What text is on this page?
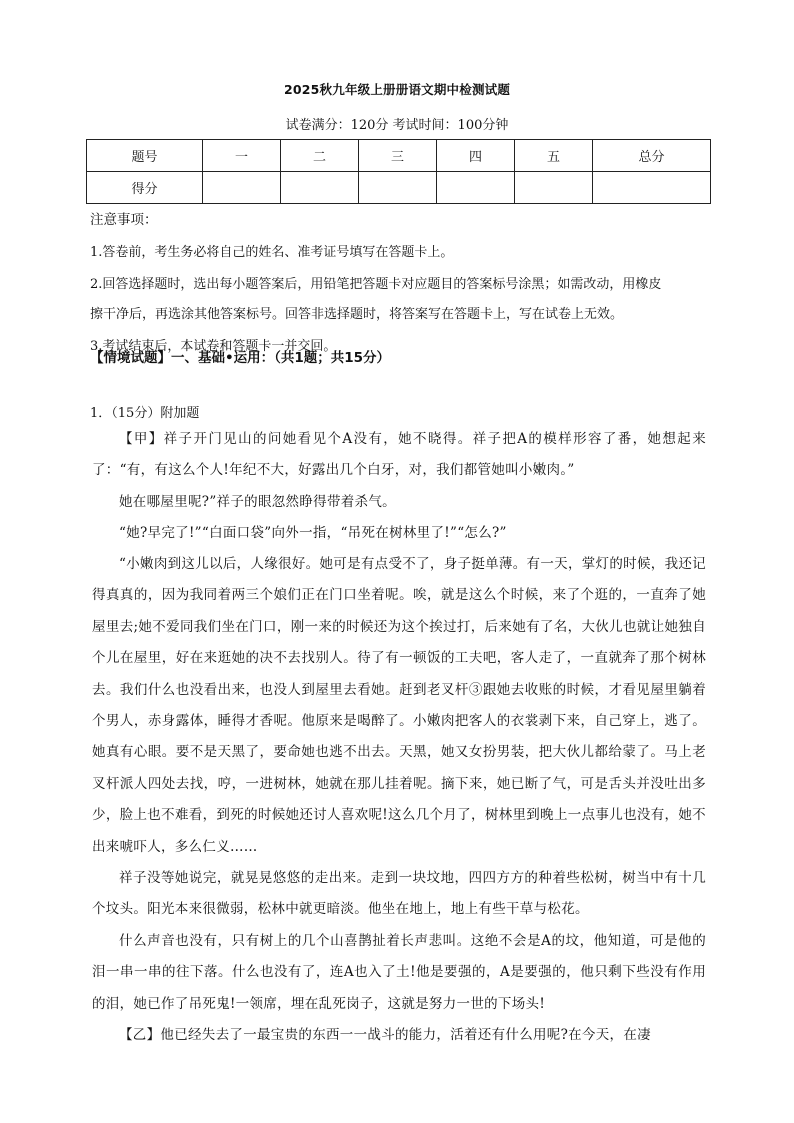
2025秋九年级上册册语文期中检测试题
试卷满分：120分 考试时间：100分钟
题号	一	二	三	四	五	总分
得分						
注意事项：
1.答卷前，考生务必将自己的姓名、准考证号填写在答题卡上。
2.回答选择题时，选出每小题答案后，用铅笔把答题卡对应题目的答案标号涂黑；如需改动，用橡皮
擦干净后，再选涂其他答案标号。回答非选择题时，将答案写在答题卡上，写在试卷上无效。
3.考试结束后，本试卷和答题卡一并交回。
【情境试题】一、基础•运用：（共1题；共15分）
1．（15分）附加题
【甲】祥子开门见山的问她看见个A没有，她不晓得。祥子把A的模样形容了番，她想起来了：“有，有这么个人!年纪不大，好露出几个白牙，对，我们都管她叫小嫩肉。”
她在哪屋里呢?”祥子的眼忽然睁得带着杀气。
“她?早完了!”“白面口袋”向外一指，“吊死在树林里了!”“怎么?”
“小嫩肉到这儿以后，人缘很好。她可是有点受不了，身子挺单薄。有一天，掌灯的时候，我还记得真真的，因为我同着两三个娘们正在门口坐着呢。唉，就是这么个时候，来了个逛的，一直奔了她屋里去;她不爱同我们坐在门口，刚一来的时候还为这个挨过打，后来她有了名，大伙儿也就让她独自个儿在屋里，好在来逛她的决不去找别人。待了有一顿饭的工夫吧，客人走了，一直就奔了那个树林去。我们什么也没看出来，也没人到屋里去看她。赶到老叉杆③跟她去收账的时候，才看见屋里躺着个男人，赤身露体，睡得才香呢。他原来是喝醉了。小嫩肉把客人的衣裳剥下来，自己穿上，逃了。她真有心眼。要不是天黑了，要命她也逃不出去。天黑，她又女扮男装，把大伙儿都给蒙了。马上老叉杆派人四处去找，哼，一进树林，她就在那儿挂着呢。摘下来，她已断了气，可是舌头并没吐出多少，脸上也不难看，到死的时候她还讨人喜欢呢!这么几个月了，树林里到晚上一点事儿也没有，她不出来唬吓人，多么仁义……
祥子没等她说完，就晃晃悠悠的走出来。走到一块坟地，四四方方的种着些松树，树当中有十几个坟头。阳光本来很微弱，松林中就更暗淡。他坐在地上，地上有些干草与松花。
什么声音也没有，只有树上的几个山喜鹊扯着长声悲叫。这绝不会是A的坟，他知道，可是他的泪一串一串的往下落。什么也没有了，连A也入了土!他是要强的，A是要强的，他只剩下些没有作用的泪，她已作了吊死鬼!一领席，埋在乱死岗子，这就是努力一世的下场头!
【乙】他已经失去了一最宝贵的东西一一战斗的能力，活着还有什么用呢?在今天，在凄
